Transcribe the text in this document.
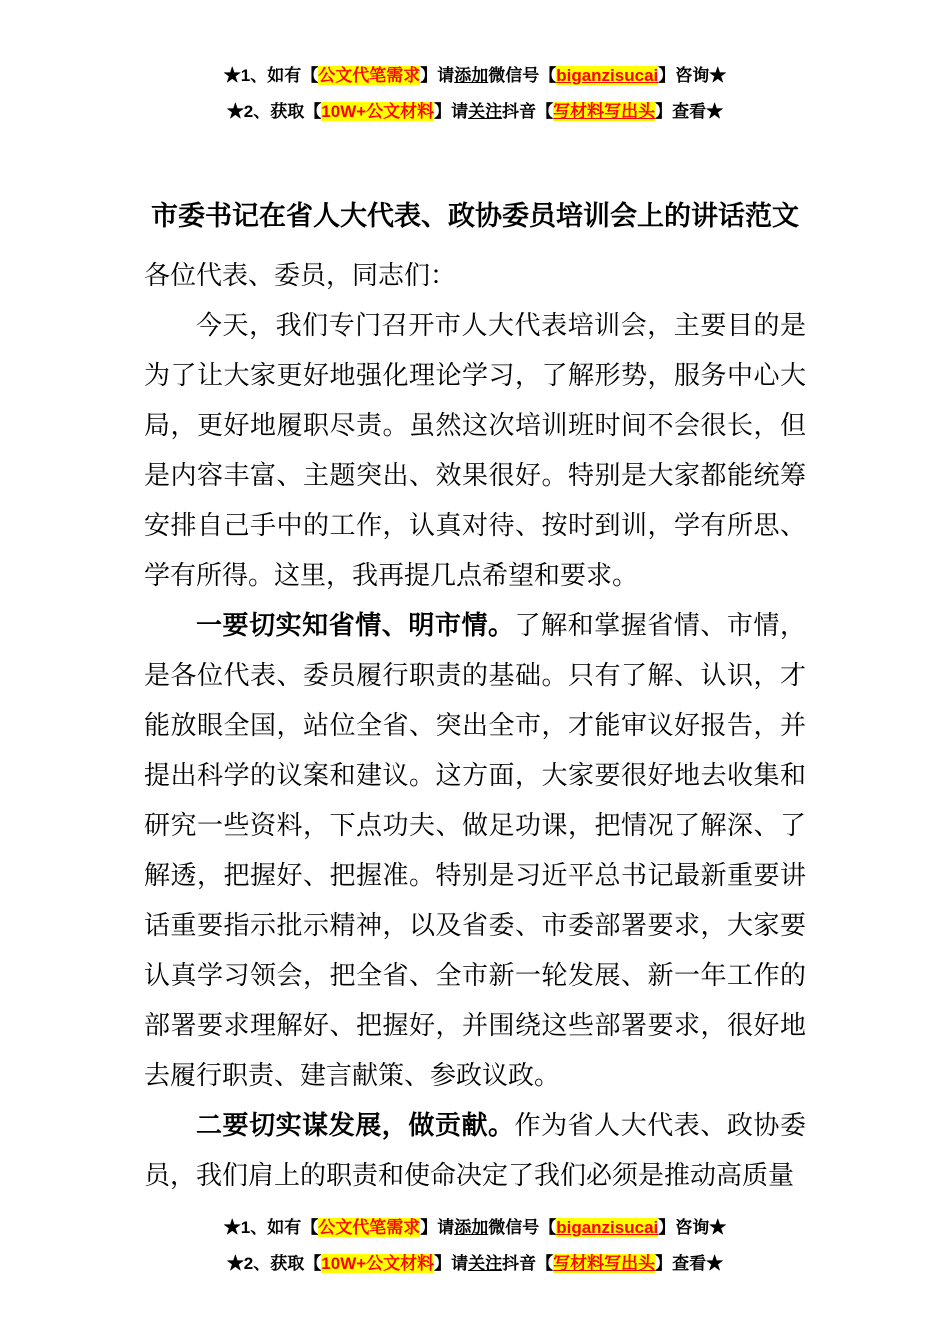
★1、如有【公文代笔需求】请添加微信号【biganzisucai】咨询★
★2、获取【10W+公文材料】请关注抖音【写材料写出头】查看★
市委书记在省人大代表、政协委员培训会上的讲话范文

各位代表、委员，同志们：

今天，我们专门召开市人大代表培训会，主要目的是为了让大家更好地强化理论学习，了解形势，服务中心大局，更好地履职尽责。虽然这次培训班时间不会很长，但是内容丰富、主题突出、效果很好。特别是大家都能统筹安排自己手中的工作，认真对待、按时到训，学有所思、学有所得。这里，我再提几点希望和要求。

一要切实知省情、明市情。了解和掌握省情、市情，是各位代表、委员履行职责的基础。只有了解、认识，才能放眼全国，站位全省、突出全市，才能审议好报告，并提出科学的议案和建议。这方面，大家要很好地去收集和研究一些资料，下点功夫、做足功课，把情况了解深、了解透，把握好、把握准。特别是习近平总书记最新重要讲话重要指示批示精神，以及省委、市委部署要求，大家要认真学习领会，把全省、全市新一轮发展、新一年工作的部署要求理解好、把握好，并围绕这些部署要求，很好地去履行职责、建言献策、参政议政。

二要切实谋发展，做贡献。作为省人大代表、政协委员，我们肩上的职责和使命决定了我们必须是推动高质量

★1、如有【公文代笔需求】请添加微信号【biganzisucai】咨询★
★2、获取【10W+公文材料】请关注抖音【写材料写出头】查看★
